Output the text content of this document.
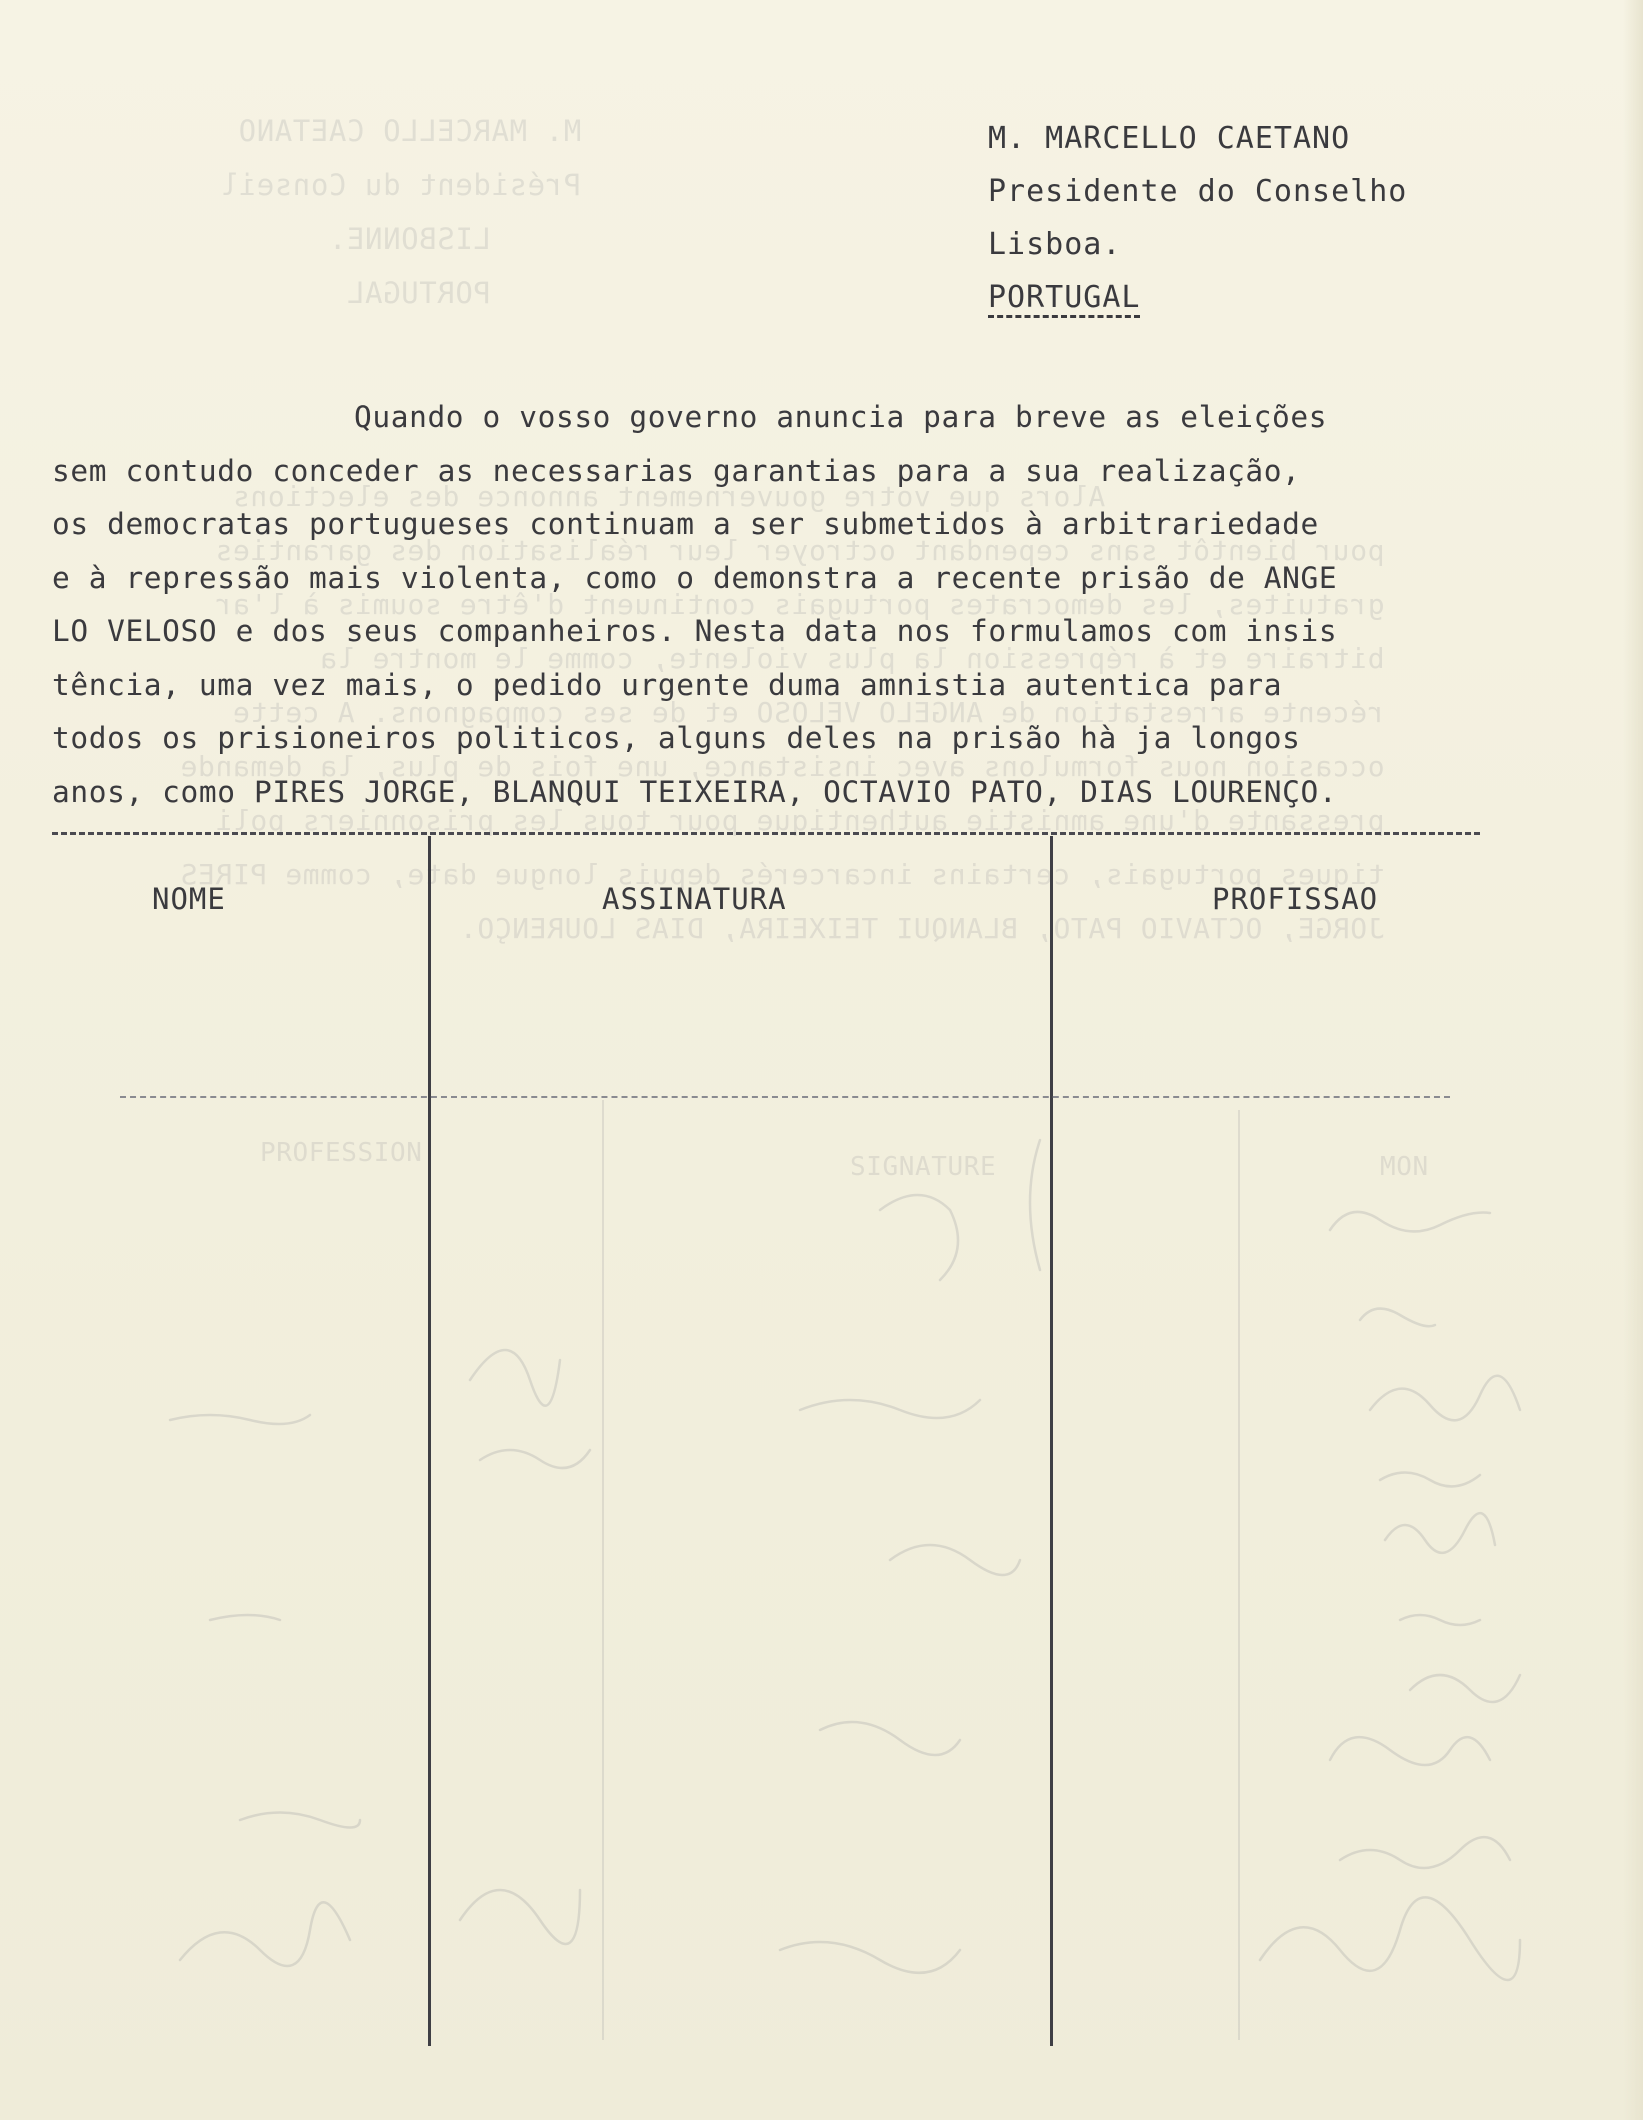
M. MARCELLO CAETANO
Président du Conseil
LISBONNE.
PORTUGAL
Alors que votre gouvernement annonce des elections
pour bientôt sans cependant octroyer leur réalisation des garanties
gratuites, les democrates portugais continuent d'être soumis à l'ar
bitraire et à répression la plus violente, comme le montre la
récente arrestation de ANGELO VELOSO et de ses compagnons. A cette
occasion nous formulons avec insistance, une fois de plus, la demande
pressante d'une amnistie authentique pour tous les prisonniers poli
tiques portugais, certains incarcerés depuis longue date, comme PIRES
JORGE, OCTAVIO PATO, BLANQUI TEIXEIRA, DIAS LOURENÇO.
MON
SIGNATURE
PROFESSION
M. MARCELLO CAETANO
Presidente do Conselho
Lisboa.
PORTUGAL
Quando o vosso governo anuncia para breve as eleições
sem contudo conceder as necessarias garantias para a sua realização,
os democratas portugueses continuam a ser submetidos à arbitrariedade
e à repressão mais violenta, como o demonstra a recente prisão de ANGE
LO VELOSO e dos seus companheiros. Nesta data nos formulamos com insis
tência, uma vez mais, o pedido urgente duma amnistia autentica para
todos os prisioneiros politicos, alguns deles na prisão hà ja longos
anos, como PIRES JORGE, BLANQUI TEIXEIRA, OCTAVIO PATO, DIAS LOURENÇO.
NOME	ASSINATURA	PROFISSAO
